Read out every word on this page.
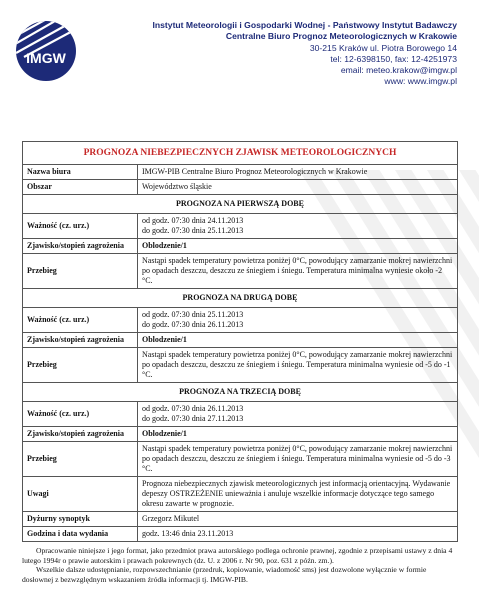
IMGW
Instytut Meteorologii i Gospodarki Wodnej - Państwowy Instytut Badawczy
Centralne Biuro Prognoz Meteorologicznych w Krakowie
30-215 Kraków ul. Piotra Borowego 14
tel: 12-6398150, fax: 12-4251973
email: meteo.krakow@imgw.pl
www: www.imgw.pl
PROGNOZA NIEBEZPIECZNYCH ZJAWISK METEOROLOGICZNYCH	
Nazwa biura	IMGW-PIB Centralne Biuro Prognoz Meteorologicznych w Krakowie
Obszar	Województwo śląskie
PROGNOZA NA PIERWSZĄ DOBĘ	
Ważność (cz. urz.)	od godz. 07:30 dnia 24.11.2013
do godz. 07:30 dnia 25.11.2013

Zjawisko/stopień zagrożenia	Oblodzenie/1
Przebieg	Nastąpi spadek temperatury powietrza poniżej 0°C, powodujący zamarzanie mokrej nawierzchni po opadach deszczu, deszczu ze śniegiem i śniegu. Temperatura minimalna wyniesie około -2 °C.
PROGNOZA NA DRUGĄ DOBĘ	
Ważność (cz. urz.)	od godz. 07:30 dnia 25.11.2013
do godz. 07:30 dnia 26.11.2013

Zjawisko/stopień zagrożenia	Oblodzenie/1
Przebieg	Nastąpi spadek temperatury powietrza poniżej 0°C, powodujący zamarzanie mokrej nawierzchni po opadach deszczu, deszczu ze śniegiem i śniegu. Temperatura minimalna wyniesie od -5 do -1 °C.
PROGNOZA NA TRZECIĄ DOBĘ	
Ważność (cz. urz.)	od godz. 07:30 dnia 26.11.2013
do godz. 07:30 dnia 27.11.2013

Zjawisko/stopień zagrożenia	Oblodzenie/1
Przebieg	Nastąpi spadek temperatury powietrza poniżej 0°C, powodujący zamarzanie mokrej nawierzchni po opadach deszczu, deszczu ze śniegiem i śniegu. Temperatura minimalna wyniesie od -5 do -3 °C.
Uwagi	Prognoza niebezpiecznych zjawisk meteorologicznych jest informacją orientacyjną. Wydawanie depeszy OSTRZEŻENIE unieważnia i anuluje wszelkie informacje dotyczące tego samego okresu zawarte w prognozie.
Dyżurny synoptyk	Grzegorz Mikutel
Godzina i data wydania	godz. 13:46 dnia 23.11.2013

Opracowanie niniejsze i jego format, jako przedmiot prawa autorskiego podlega ochronie prawnej, zgodnie z przepisami ustawy z dnia 4 lutego 1994r o prawie autorskim i prawach pokrewnych (dz. U. z 2006 r. Nr 90, poz. 631 z późn. zm.).

Wszelkie dalsze udostępnianie, rozpowszechnianie (przedruk, kopiowanie, wiadomość sms) jest dozwolone wyłącznie w formie dosłownej z bezwzględnym wskazaniem źródła informacji tj. IMGW-PIB.
